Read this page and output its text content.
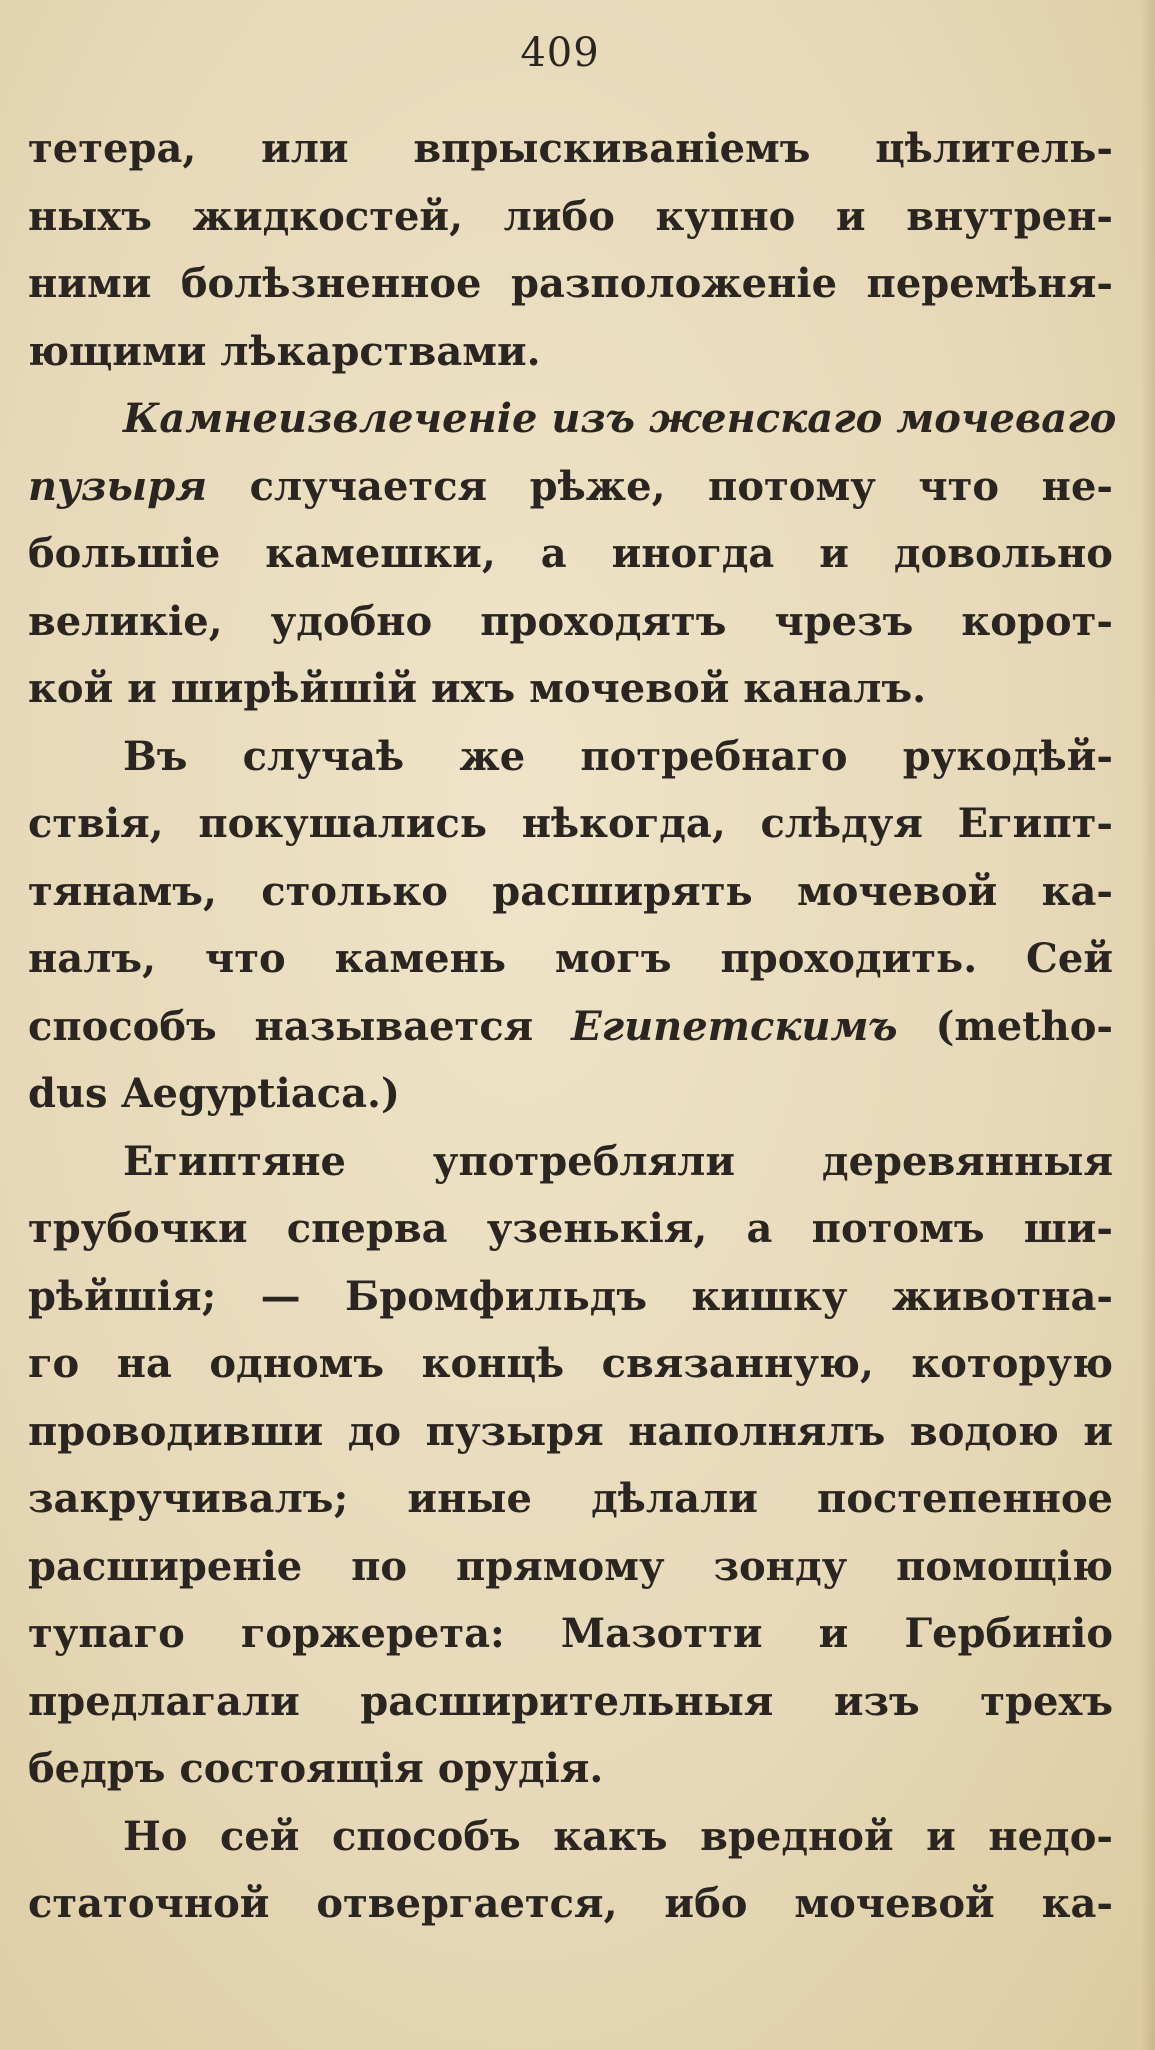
409
тетера, или впрыскиваніемъ цѣлитель-
ныхъ жидкостей, либо купно и внутрен-
ними болѣзненное разположеніе перемѣня-
ющими лѣкарствами.
Камнеизвлеченіе изъ женскаго мочеваго
пузыря случается рѣже, потому что не-
большіе камешки, а иногда и довольно
великіе, удобно проходятъ чрезъ корот-
кой и ширѣйшій ихъ мочевой каналъ.
Въ случаѣ же потребнаго рукодѣй-
ствія, покушались нѣкогда, слѣдуя Египт-
тянамъ, столько расширять мочевой ка-
налъ, что камень могъ проходить. Сей
способъ называется Египетскимъ (metho-
dus Aegyptiaca.)
Египтяне употребляли деревянныя
трубочки сперва узенькія, а потомъ ши-
рѣйшія; — Бромфильдъ кишку животна-
го на одномъ концѣ связанную, которую
проводивши до пузыря наполнялъ водою и
закручивалъ; иные дѣлали постепенное
расширеніе по прямому зонду помощію
тупаго горжерета: Мазотти и Гербиніо
предлагали расширительныя изъ трехъ
бедръ состоящія орудія.
Но сей способъ какъ вредной и недо-
статочной отвергается, ибо мочевой ка-
